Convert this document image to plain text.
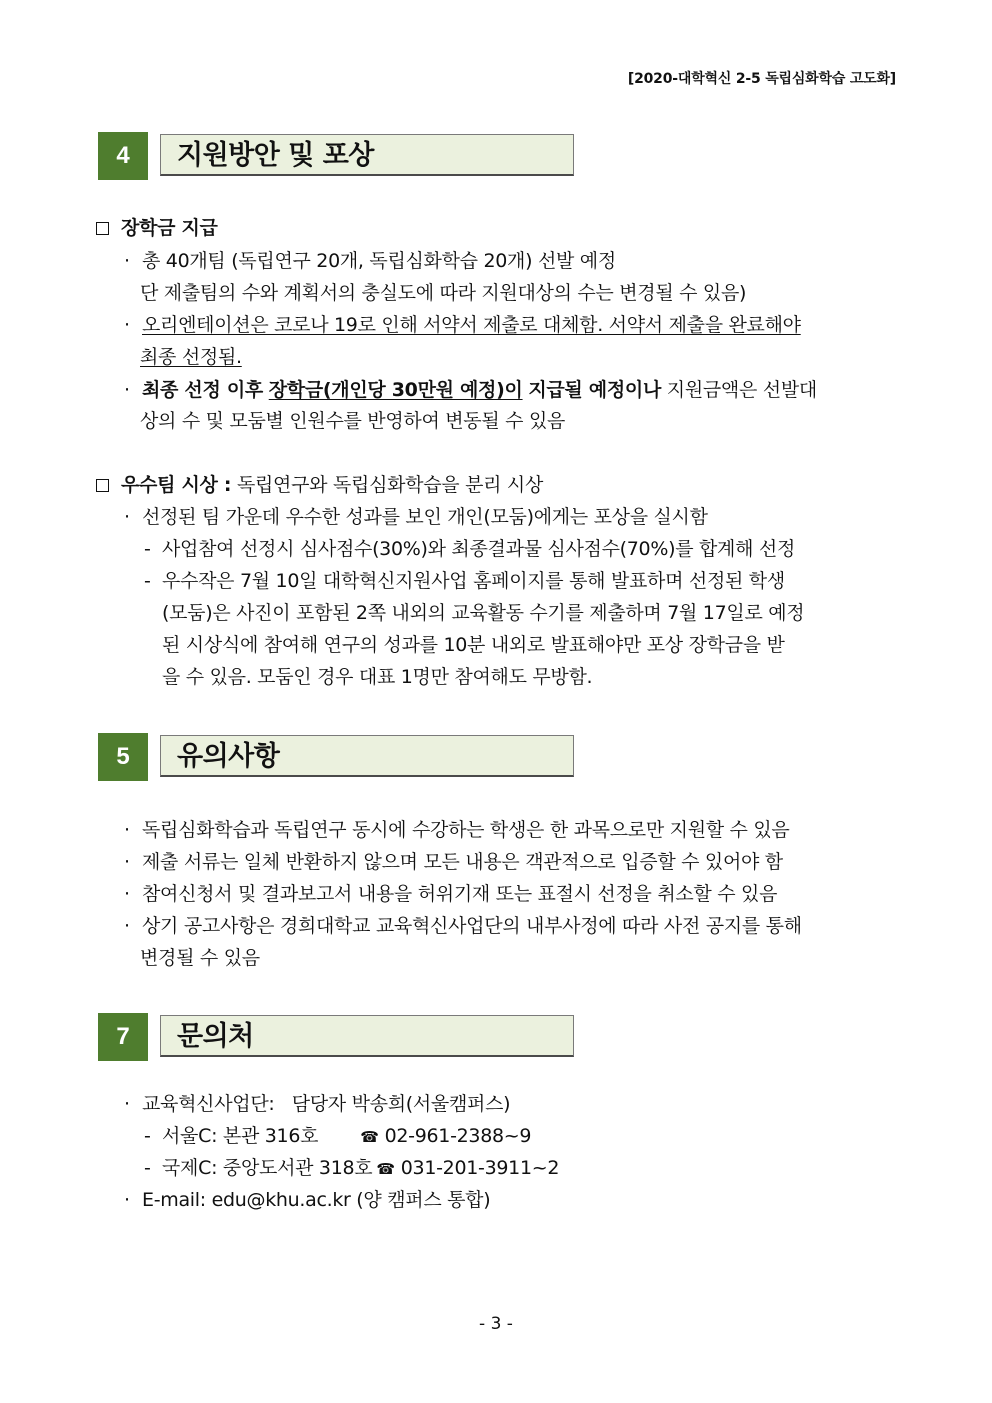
[2020-대학혁신 2-5 독립심화학습 고도화]
4	지원방안 및 포상
장학금 지급
· 총 40개팀 (독립연구 20개, 독립심화학습 20개) 선발 예정
단 제출팀의 수와 계획서의 충실도에 따라 지원대상의 수는 변경될 수 있음)
· 오리엔테이션은 코로나 19로 인해 서약서 제출로 대체함. 서약서 제출을 완료해야
최종 선정됨.
· 최종 선정 이후 장학금(개인당 30만원 예정)이 지급될 예정이나 지원금액은 선발대
상의 수 및 모둠별 인원수를 반영하여 변동될 수 있음
우수팀 시상 : 독립연구와 독립심화학습을 분리 시상
· 선정된 팀 가운데 우수한 성과를 보인 개인(모둠)에게는 포상을 실시함
- 사업참여 선정시 심사점수(30%)와 최종결과물 심사점수(70%)를 합계해 선정
- 우수작은 7월 10일 대학혁신지원사업 홈페이지를 통해 발표하며 선정된 학생
(모둠)은 사진이 포함된 2쪽 내외의 교육활동 수기를 제출하며 7월 17일로 예정
된 시상식에 참여해 연구의 성과를 10분 내외로 발표해야만 포상 장학금을 받
을 수 있음. 모둠인 경우 대표 1명만 참여해도 무방함.
5	유의사항
· 독립심화학습과 독립연구 동시에 수강하는 학생은 한 과목으로만 지원할 수 있음
· 제출 서류는 일체 반환하지 않으며 모든 내용은 객관적으로 입증할 수 있어야 함
· 참여신청서 및 결과보고서 내용을 허위기재 또는 표절시 선정을 취소할 수 있음
· 상기 공고사항은 경희대학교 교육혁신사업단의 내부사정에 따라 사전 공지를 통해
변경될 수 있음
7	문의처
· 교육혁신사업단:   담당자 박송희(서울캠퍼스)
- 서울C: 본관 316호	☎ 02-961-2388~9
- 국제C: 중앙도서관 318호 ☎ 031-201-3911~2
· E-mail: edu@khu.ac.kr (양 캠퍼스 통합)
- 3 -
